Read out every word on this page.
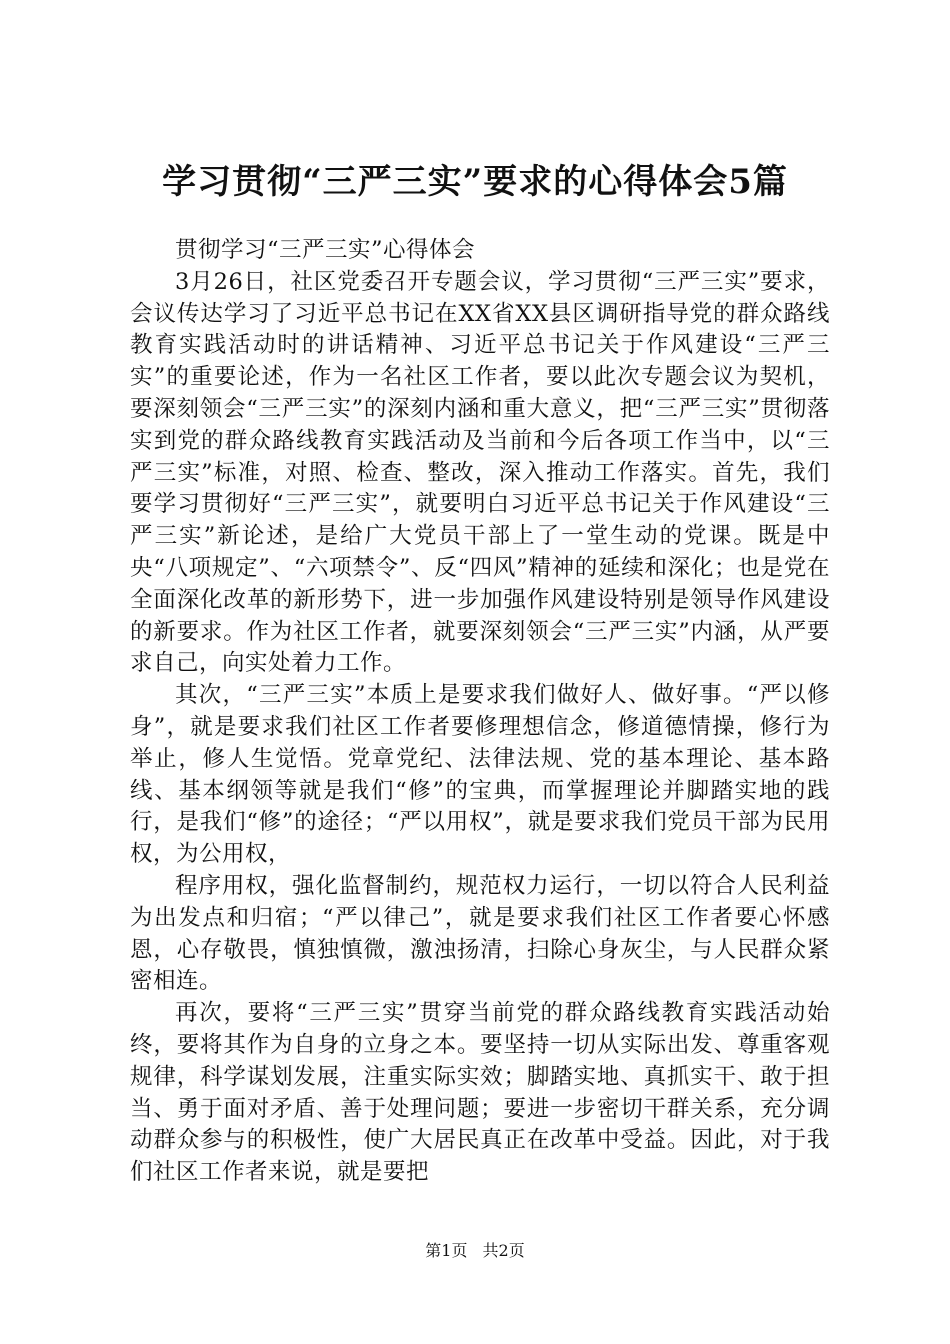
学习贯彻“三严三实”要求的心得体会5篇

贯彻学习“三严三实”心得体会

3月26日，社区党委召开专题会议，学习贯彻“三严三实”要求，会议传达学习了习近平总书记在XX省XX县区调研指导党的群众路线教育实践活动时的讲话精神、习近平总书记关于作风建设“三严三实”的重要论述，作为一名社区工作者，要以此次专题会议为契机，要深刻领会“三严三实”的深刻内涵和重大意义，把“三严三实”贯彻落实到党的群众路线教育实践活动及当前和今后各项工作当中，以“三严三实”标准，对照、检查、整改，深入推动工作落实。首先，我们要学习贯彻好“三严三实”，就要明白习近平总书记关于作风建设“三严三实”新论述，是给广大党员干部上了一堂生动的党课。既是中央“八项规定”、“六项禁令”、反“四风”精神的延续和深化；也是党在全面深化改革的新形势下，进一步加强作风建设特别是领导作风建设的新要求。作为社区工作者，就要深刻领会“三严三实”内涵，从严要求自己，向实处着力工作。

其次，“三严三实”本质上是要求我们做好人、做好事。“严以修身”，就是要求我们社区工作者要修理想信念，修道德情操，修行为举止，修人生觉悟。党章党纪、法律法规、党的基本理论、基本路线、基本纲领等就是我们“修”的宝典，而掌握理论并脚踏实地的践行，是我们“修”的途径；“严以用权”，就是要求我们党员干部为民用权，为公用权，

程序用权，强化监督制约，规范权力运行，一切以符合人民利益为出发点和归宿；“严以律己”，就是要求我们社区工作者要心怀感恩，心存敬畏，慎独慎微，激浊扬清，扫除心身灰尘，与人民群众紧密相连。

再次，要将“三严三实”贯穿当前党的群众路线教育实践活动始终，要将其作为自身的立身之本。要坚持一切从实际出发、尊重客观规律，科学谋划发展，注重实际实效；脚踏实地、真抓实干、敢于担当、勇于面对矛盾、善于处理问题；要进一步密切干群关系，充分调动群众参与的积极性，使广大居民真正在改革中受益。因此，对于我们社区工作者来说，就是要把

第1页 共2页
